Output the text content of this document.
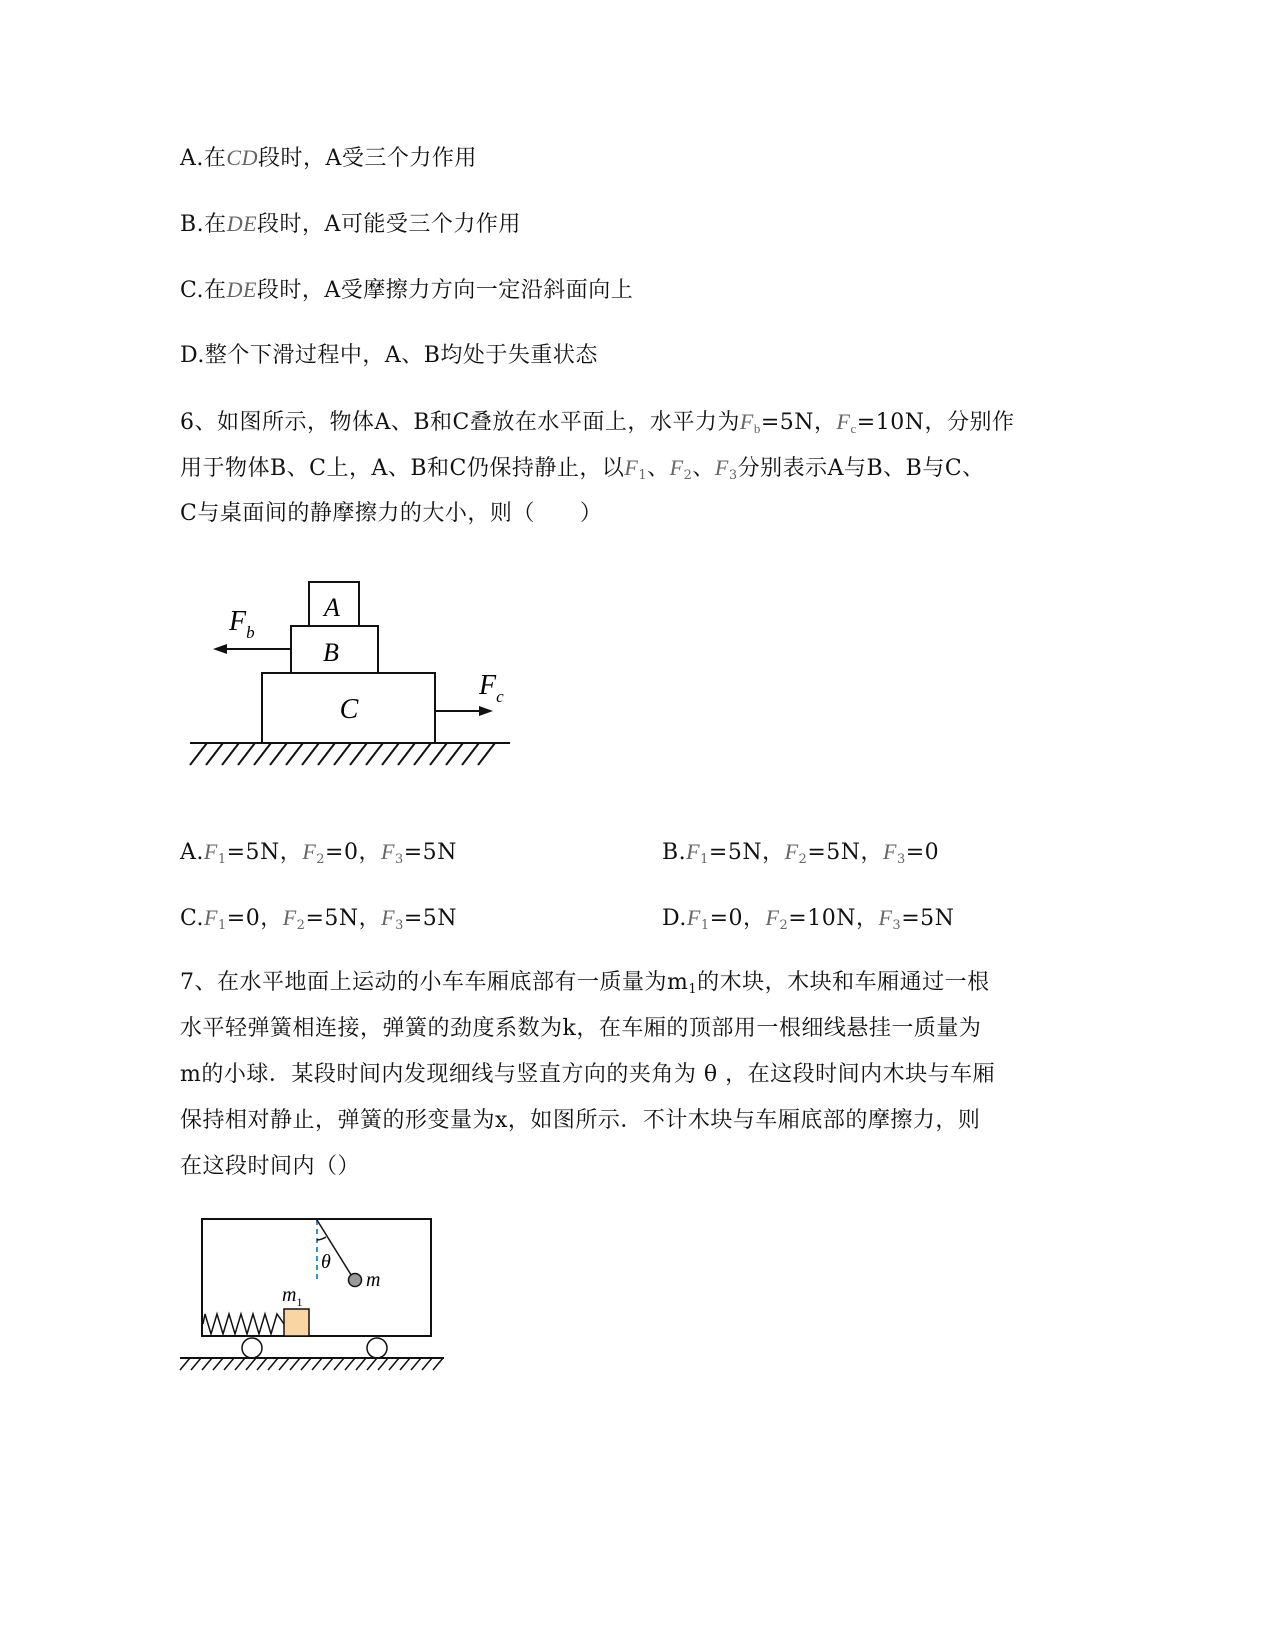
A.在CD段时，A受三个力作用
B.在DE段时，A可能受三个力作用
C.在DE段时，A受摩擦力方向一定沿斜面向上
D.整个下滑过程中，A、B均处于失重状态
6、如图所示，物体A、B和C叠放在水平面上，水平力为$F_b=5N$，$F_c=10N$，分别作
用于物体B、C上，A、B和C仍保持静止，以$F_1$、$F_2$、$F_3$分别表示A与B、B与C、
C与桌面间的静摩擦力的大小，则（　　）
A
B
C
$F_b$
$F_c$
$A.F_1=5N$，$F_2=0$，$F_3=5N$	$B.F_1=5N$，$F_2=5N$，$F_3=0$
$C.F_1=0$，$F_2=5N$，$F_3=5N$	$D.F_1=0$，$F_2=10N$，$F_3=5N$
7、在水平地面上运动的小车车厢底部有一质量为$m_1$的木块，木块和车厢通过一根
水平轻弹簧相连接，弹簧的劲度系数为k，在车厢的顶部用一根细线悬挂一质量为
m的小球．某段时间内发现细线与竖直方向的夹角为 θ ，在这段时间内木块与车厢
保持相对静止，弹簧的形变量为x，如图所示．不计木块与车厢底部的摩擦力，则
在这段时间内（）
θ
m
$m_1$
